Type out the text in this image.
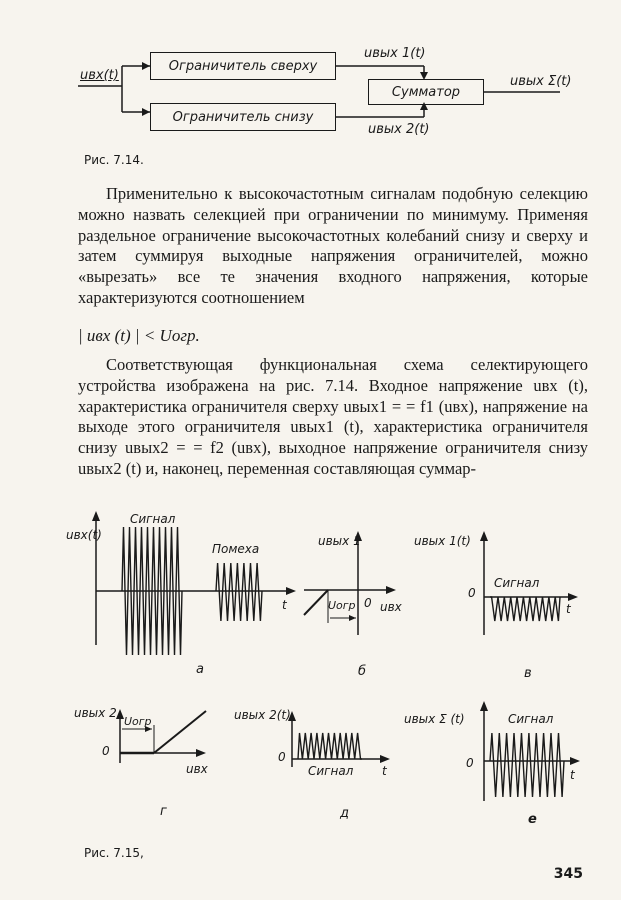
uвx(t)
Ограничитель сверху
Ограничитель снизу
Сумматор
uвых 1(t)
uвых 2(t)
uвых Σ(t)
Рис. 7.14.
Применительно к высокочастотным сигналам подобную селекцию можно назвать селекцией при ограничении по минимуму. Применяя раздельное ограничение высокочастотных колебаний снизу и сверху и затем суммируя выходные напряжения ограничителей, можно «вырезать» все те значения входного напряжения, которые характеризуются соотношением
| uвх (t) | < Uогр.
Соответствующая функциональная схема селектирующего устройства изображена на рис. 7.14. Входное напряжение uвх (t), характеристика ограничителя сверху uвых1 = = f1 (uвх), напряжение на выходе этого ограничителя uвых1 (t), характеристика ограничителя снизу uвых2 = = f2 (uвх), выходное напряжение ограничителя снизу uвых2 (t) и, наконец, переменная составляющая суммар-
uвx(t)
Сигнал
Помеха
t
а
uвых 1
Uогр 0 uвx
б
uвых 1(t)
0
Сигнал
t
в
uвых 2
Uогр
0
uвx
г
uвых 2(t)
0
Сигнал t
д
uвых Σ (t)	Сигнал
0
t
е
Рис. 7.15,
345
